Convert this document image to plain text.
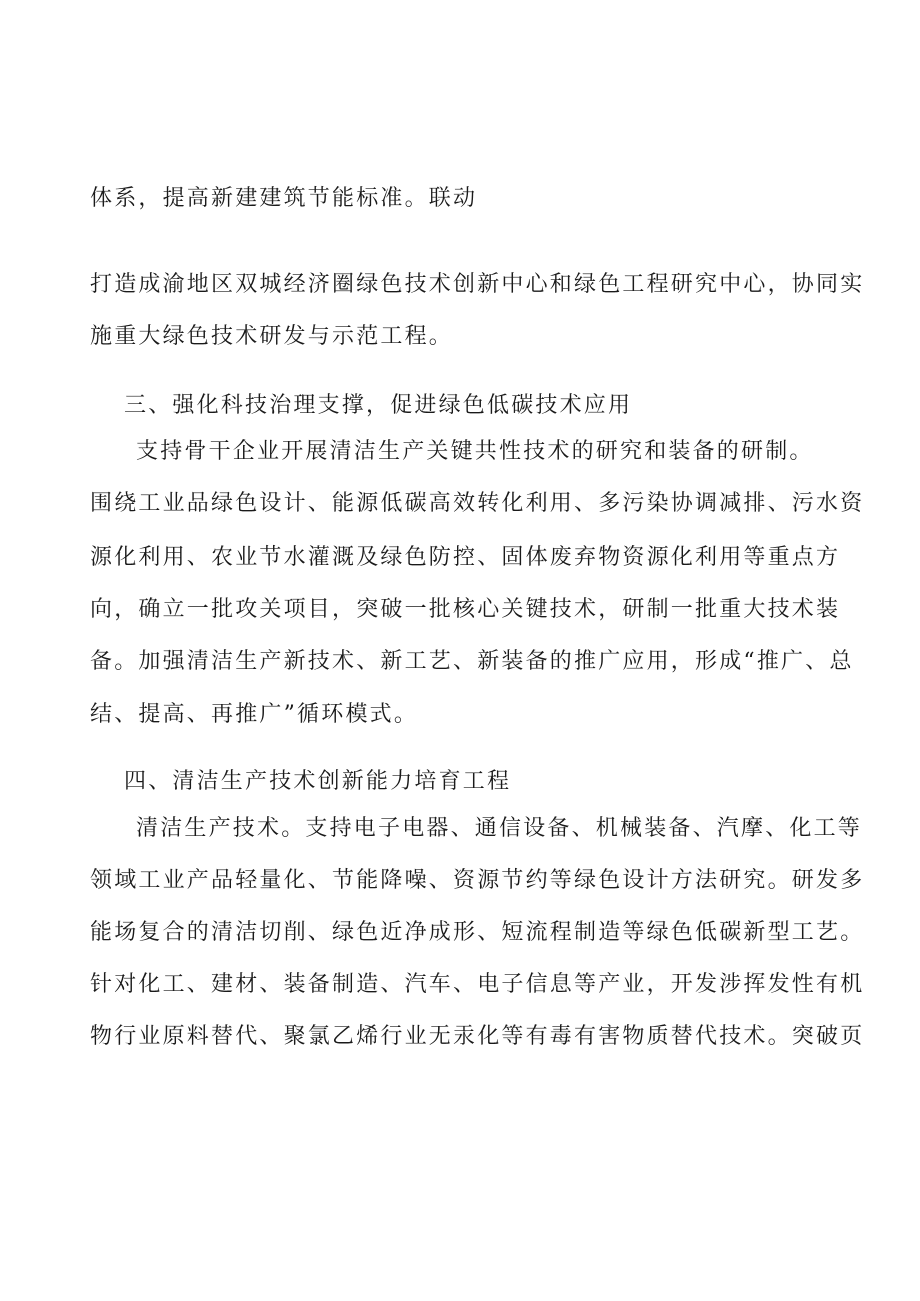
体系，提高新建建筑节能标准。联动
打造成渝地区双城经济圈绿色技术创新中心和绿色工程研究中心，协同实
施重大绿色技术研发与示范工程。
三、强化科技治理支撑，促进绿色低碳技术应用
支持骨干企业开展清洁生产关键共性技术的研究和装备的研制。
围绕工业品绿色设计、能源低碳高效转化利用、多污染协调减排、污水资
源化利用、农业节水灌溉及绿色防控、固体废弃物资源化利用等重点方
向，确立一批攻关项目，突破一批核心关键技术，研制一批重大技术装
备。加强清洁生产新技术、新工艺、新装备的推广应用，形成“推广、总
结、提高、再推广”循环模式。
四、清洁生产技术创新能力培育工程
清洁生产技术。支持电子电器、通信设备、机械装备、汽摩、化工等
领域工业产品轻量化、节能降噪、资源节约等绿色设计方法研究。研发多
能场复合的清洁切削、绿色近净成形、短流程制造等绿色低碳新型工艺。
针对化工、建材、装备制造、汽车、电子信息等产业，开发涉挥发性有机
物行业原料替代、聚氯乙烯行业无汞化等有毒有害物质替代技术。突破页
